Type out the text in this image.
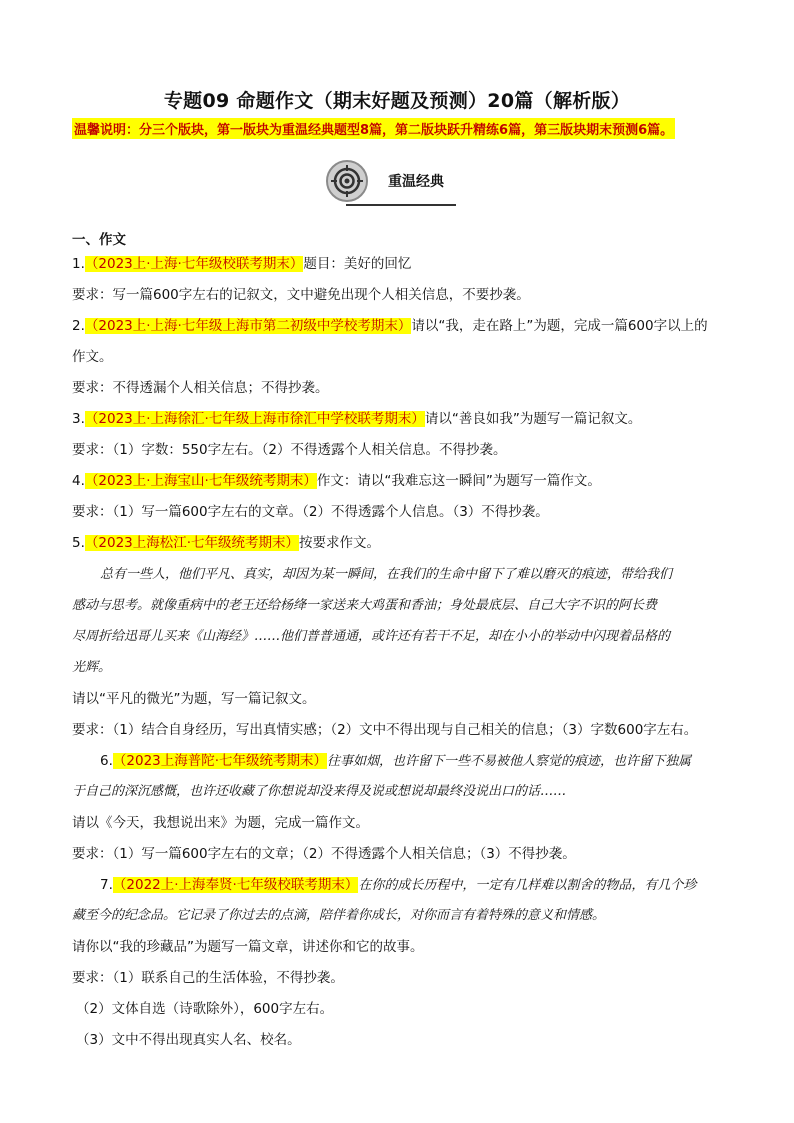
专题09 命题作文（期末好题及预测）20篇（解析版）
温馨说明：分三个版块，第一版块为重温经典题型8篇，第二版块跃升精练6篇，第三版块期末预测6篇。
重温经典
一、作文
1.（2023上·上海·七年级校联考期末）题目：美好的回忆
要求：写一篇600字左右的记叙文，文中避免出现个人相关信息，不要抄袭。
2.（2023上·上海·七年级上海市第二初级中学校考期末）请以“我，走在路上”为题，完成一篇600字以上的
作文。
要求：不得透漏个人相关信息；不得抄袭。
3.（2023上·上海徐汇·七年级上海市徐汇中学校联考期末）请以“善良如我”为题写一篇记叙文。
要求：（1）字数：550字左右。（2）不得透露个人相关信息。不得抄袭。
4.（2023上·上海宝山·七年级统考期末）作文：请以“我难忘这一瞬间”为题写一篇作文。
要求：（1）写一篇600字左右的文章。（2）不得透露个人信息。（3）不得抄袭。
5.（2023上海松江·七年级统考期末）按要求作文。
总有一些人，他们平凡、真实，却因为某一瞬间，在我们的生命中留下了难以磨灭的痕迹，带给我们
感动与思考。就像重病中的老王还给杨绛一家送来大鸡蛋和香油；身处最底层、自己大字不识的阿长费
尽周折给迅哥儿买来《山海经》……他们普普通通，或许还有若干不足，却在小小的举动中闪现着品格的
光辉。
请以“平凡的微光”为题，写一篇记叙文。
要求：（1）结合自身经历，写出真情实感；（2）文中不得出现与自己相关的信息；（3）字数600字左右。
6.（2023上海普陀·七年级统考期末）往事如烟，也许留下一些不易被他人察觉的痕迹，也许留下独属
于自己的深沉感慨，也许还收藏了你想说却没来得及说或想说却最终没说出口的话……
请以《今天，我想说出来》为题，完成一篇作文。
要求：（1）写一篇600字左右的文章；（2）不得透露个人相关信息；（3）不得抄袭。
7.（2022上·上海奉贤·七年级校联考期末）在你的成长历程中，一定有几样难以割舍的物品，有几个珍
藏至今的纪念品。它记录了你过去的点滴，陪伴着你成长，对你而言有着特殊的意义和情感。
请你以“我的珍藏品”为题写一篇文章，讲述你和它的故事。
要求：（1）联系自己的生活体验，不得抄袭。
（2）文体自选（诗歌除外），600字左右。
（3）文中不得出现真实人名、校名。
